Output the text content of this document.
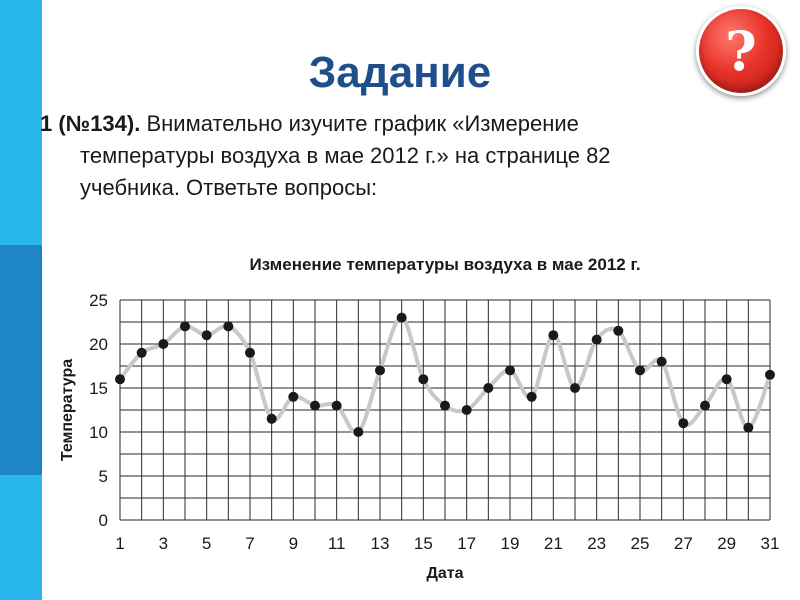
Задание	?
1 (№134). Внимательно изучите график «Измерение
температуры воздуха в мае 2012 г.» на странице 82
учебника. Ответьте вопросы:
Изменение температуры воздуха в мае 2012 г.
Дата
Температура
0
5
10
15
20
25
1 3 5 7 9 11 13 15 17 19 21 23 25 27 29 31
